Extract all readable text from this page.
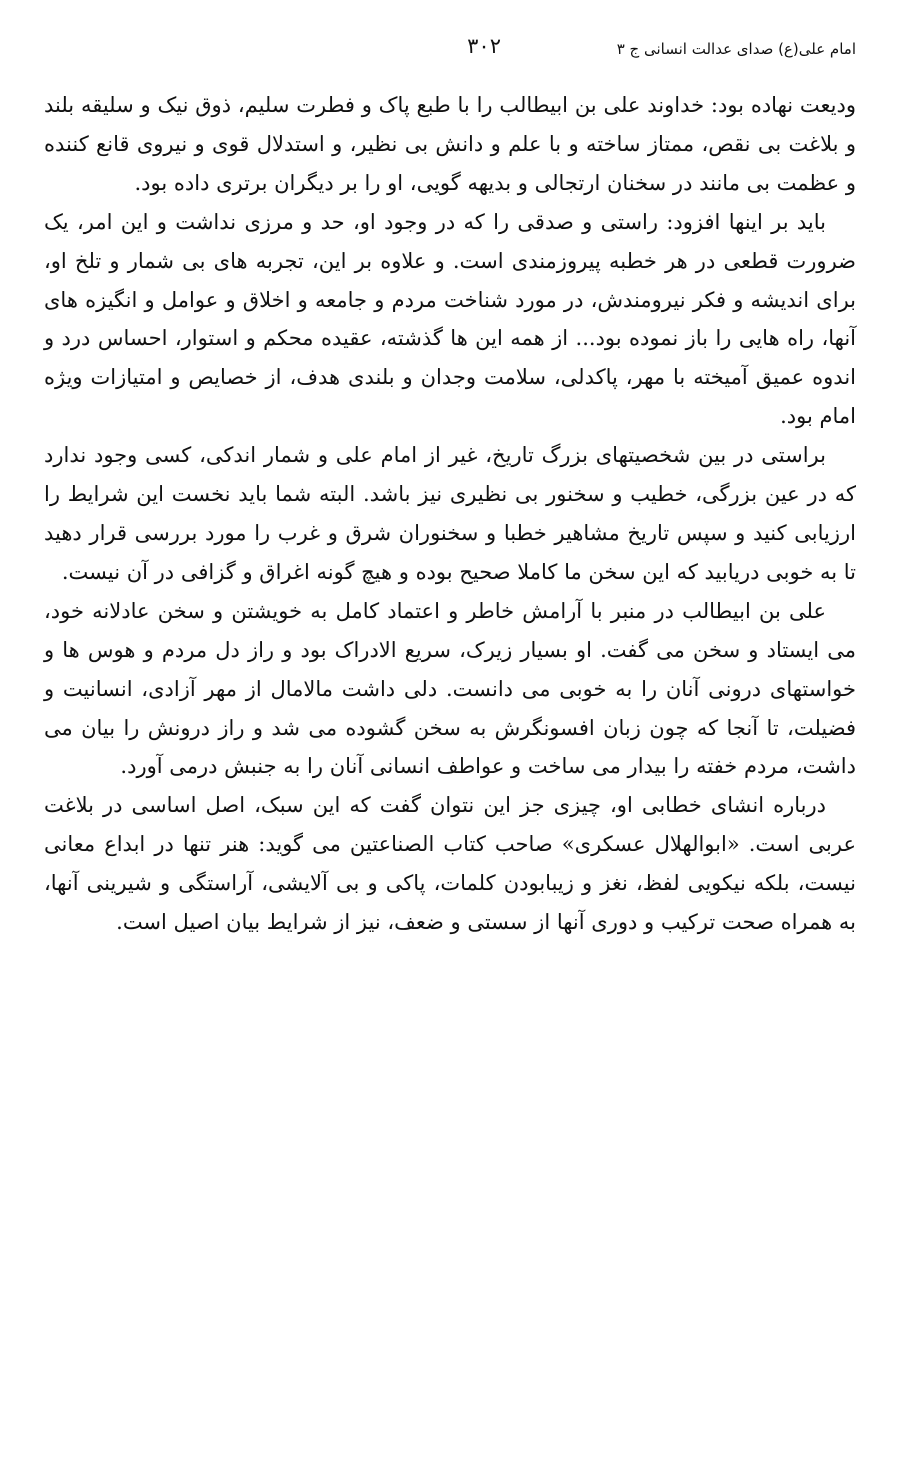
امام علی(ع) صدای عدالت انسانی ج ۳
۳۰۲

ودیعت نهاده بود: خداوند علی بن ابیطالب را با طبع پاک و فطرت سلیم، ذوق نیک و سلیقه بلند و بلاغت بی نقص، ممتاز ساخته و با علم و دانش بی نظیر، و استدلال قوی و نیروی قانع کننده و عظمت بی مانند در سخنان ارتجالی و بدیهه گویی، او را بر دیگران برتری داده بود.

باید بر اینها افزود: راستی و صدقی را که در وجود او، حد و مرزی نداشت و این امر، یک ضرورت قطعی در هر خطبه پیروزمندی است. و علاوه بر این، تجربه های بی شمار و تلخ او، برای اندیشه و فکر نیرومندش، در مورد شناخت مردم و جامعه و اخلاق و عوامل و انگیزه های آنها، راه هایی را باز نموده بود... از همه این ها گذشته، عقیده محکم و استوار، احساس درد و اندوه عمیق آمیخته با مهر، پاکدلی، سلامت وجدان و بلندی هدف، از خصایص و امتیازات ویژه امام بود.

براستی در بین شخصیتهای بزرگ تاریخ، غیر از امام علی و شمار اندکی، کسی وجود ندارد که در عین بزرگی، خطیب و سخنور بی نظیری نیز باشد. البته شما باید نخست این شرایط را ارزیابی کنید و سپس تاریخ مشاهیر خطبا و سخنوران شرق و غرب را مورد بررسی قرار دهید تا به خوبی دریابید که این سخن ما کاملا صحیح بوده و هیچ گونه اغراق و گزافی در آن نیست.

علی بن ابیطالب در منبر با آرامش خاطر و اعتماد کامل به خویشتن و سخن عادلانه خود، می ایستاد و سخن می گفت. او بسیار زیرک، سریع الادراک بود و راز دل مردم و هوس ها و خواستهای درونی آنان را به خوبی می دانست. دلی داشت مالامال از مهر آزادی، انسانیت و فضیلت، تا آنجا که چون زبان افسونگرش به سخن گشوده می شد و راز درونش را بیان می داشت، مردم خفته را بیدار می ساخت و عواطف انسانی آنان را به جنبش درمی آورد.

درباره انشای خطابی او، چیزی جز این نتوان گفت که این سبک، اصل اساسی در بلاغت عربی است. «ابوالهلال عسکری» صاحب کتاب الصناعتین می گوید: هنر تنها در ابداع معانی نیست، بلکه نیکویی لفظ، نغز و زیبابودن کلمات، پاکی و بی آلایشی، آراستگی و شیرینی آنها، به همراه صحت ترکیب و دوری آنها از سستی و ضعف، نیز از شرایط بیان اصیل است.
